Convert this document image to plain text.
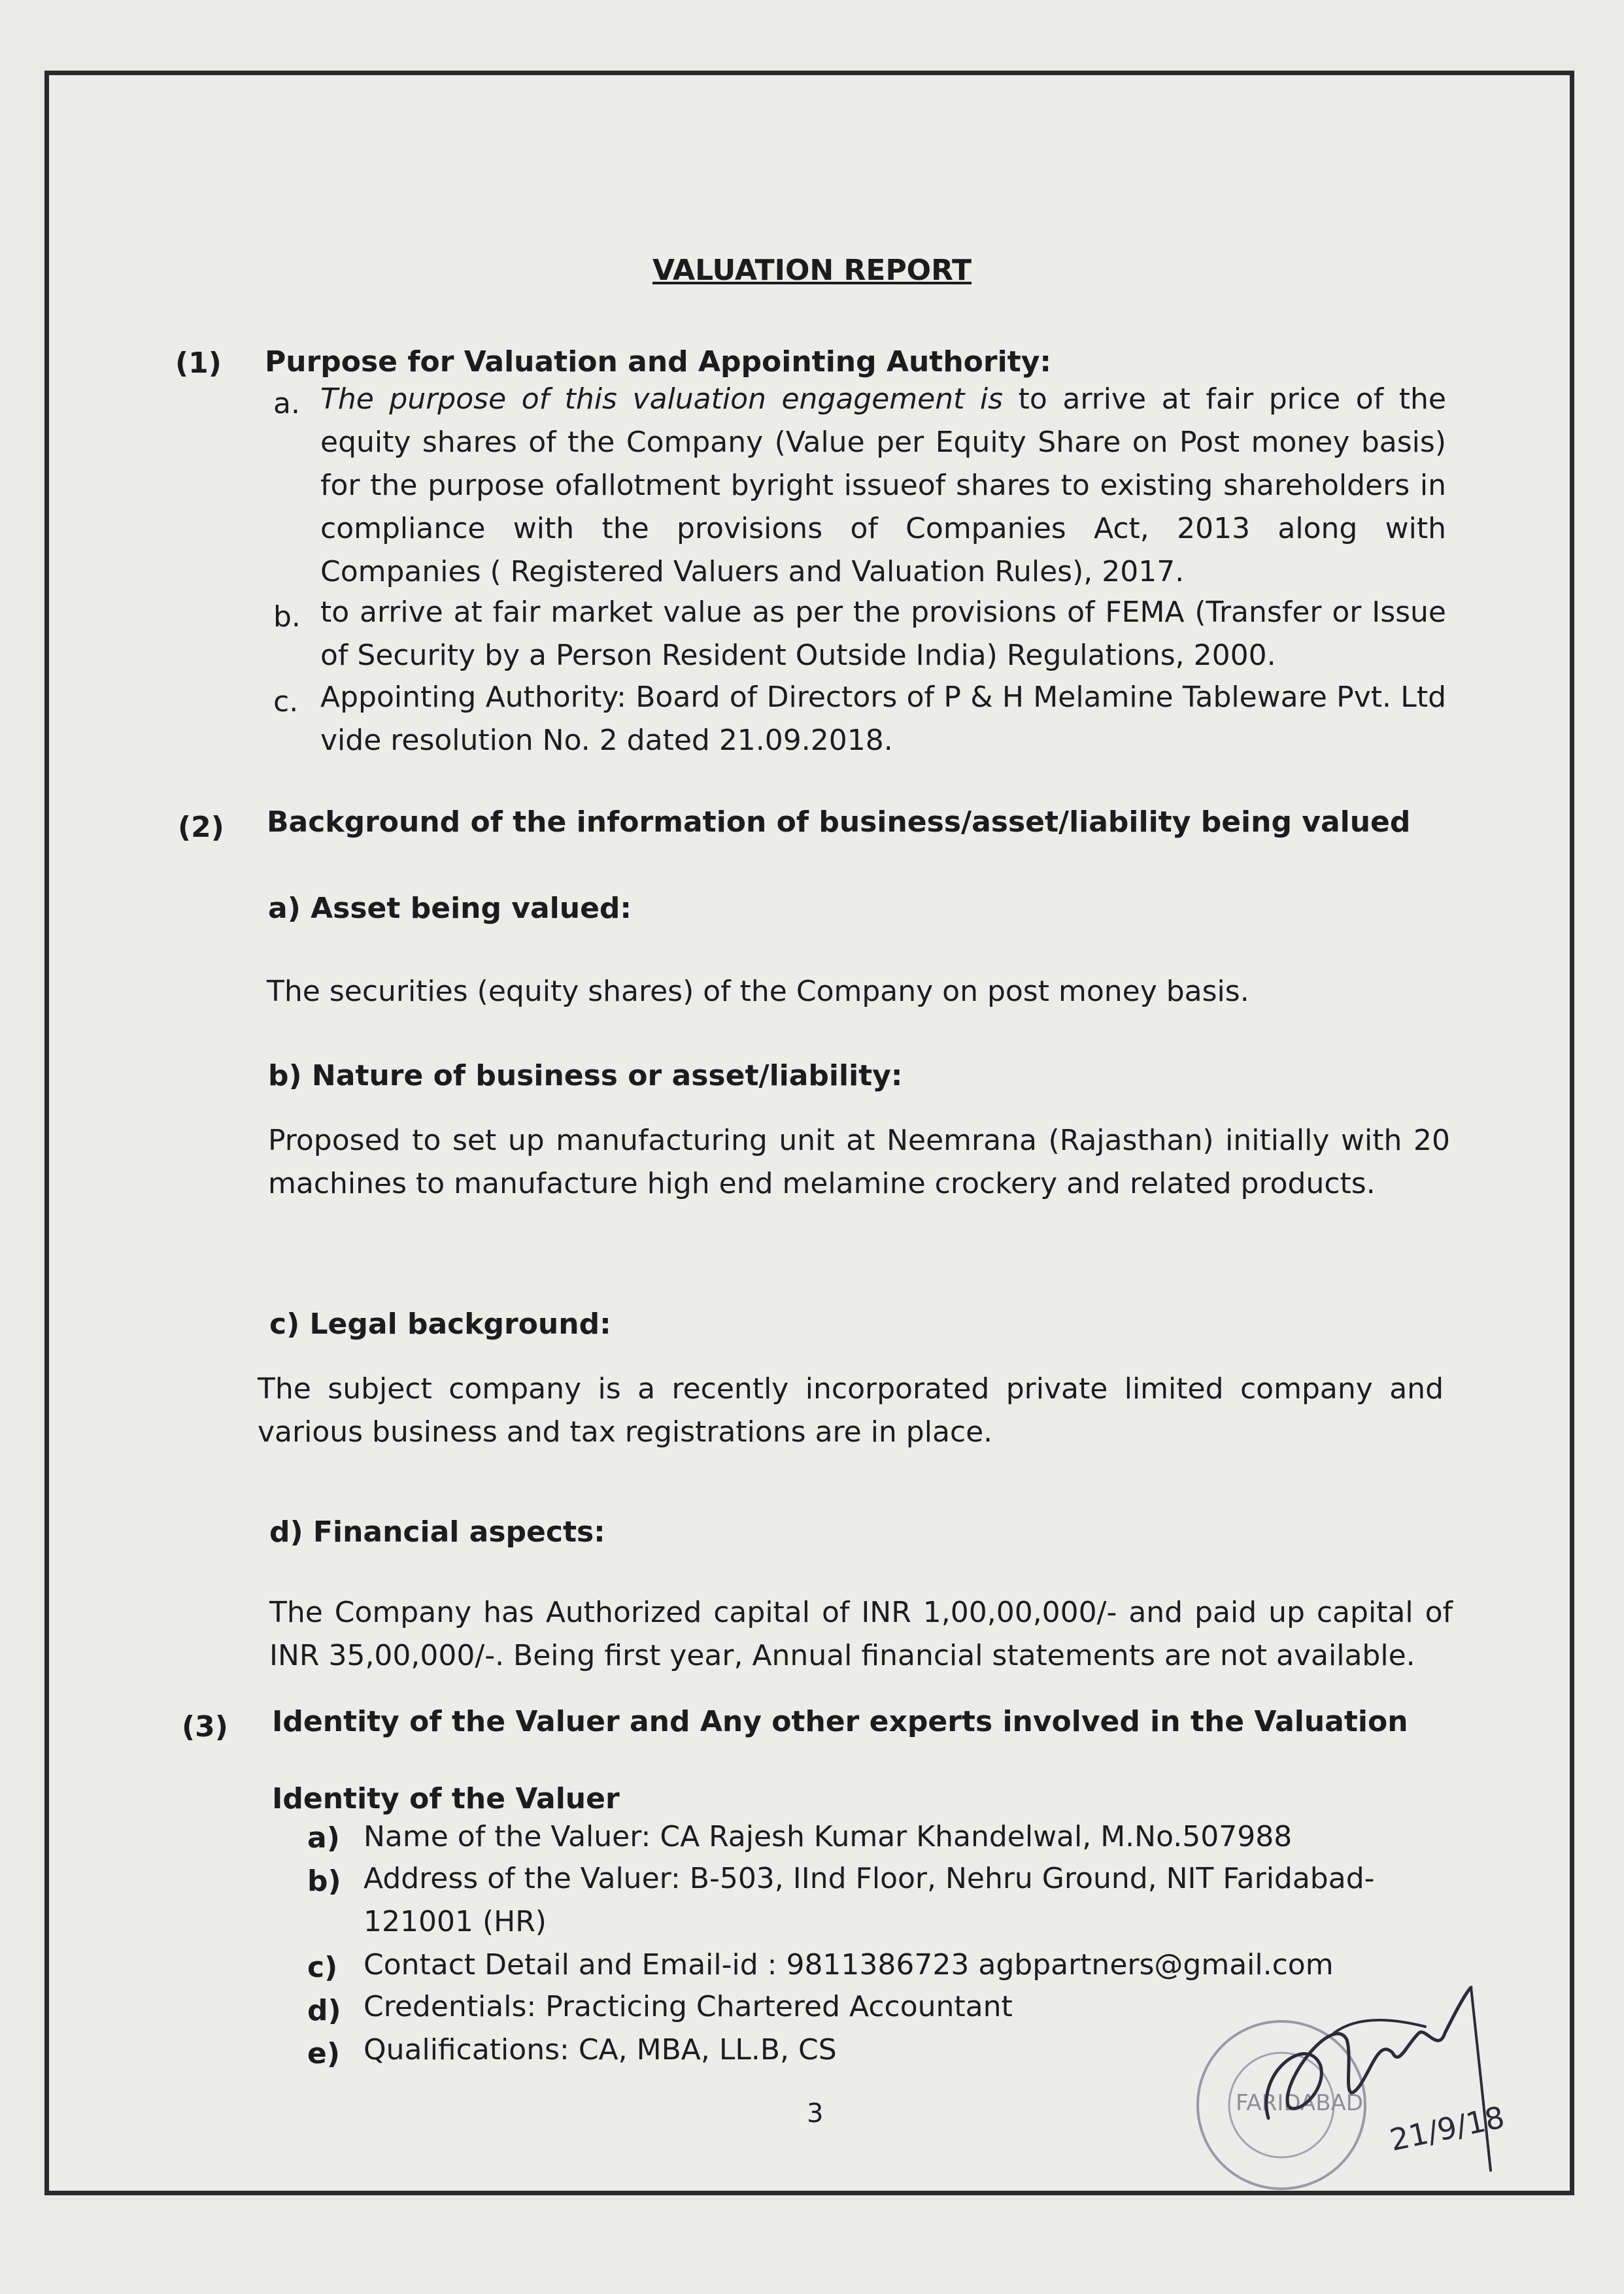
VALUATION REPORT
(1) Purpose for Valuation and Appointing Authority:
a. The purpose of this valuation engagement is to arrive at fair price of the equity shares of the Company (Value per Equity Share on Post money basis) for the purpose ofallotment byright issueof shares to existing shareholders in compliance with the provisions of Companies Act, 2013 along with Companies ( Registered Valuers and Valuation Rules), 2017.
b. to arrive at fair market value as per the provisions of FEMA (Transfer or Issue of Security by a Person Resident Outside India) Regulations, 2000.
c. Appointing Authority: Board of Directors of P & H Melamine Tableware Pvt. Ltd vide resolution No. 2 dated 21.09.2018.
(2) Background of the information of business/asset/liability being valued
a) Asset being valued:
The securities (equity shares) of the Company on post money basis.
b) Nature of business or asset/liability:
Proposed to set up manufacturing unit at Neemrana (Rajasthan) initially with 20 machines to manufacture high end melamine crockery and related products.
c) Legal background:
The subject company is a recently incorporated private limited company and various business and tax registrations are in place.
d) Financial aspects:
The Company has Authorized capital of INR 1,00,00,000/- and paid up capital of INR 35,00,000/-. Being first year, Annual financial statements are not available.
(3) Identity of the Valuer and Any other experts involved in the Valuation
Identity of the Valuer
a) Name of the Valuer: CA Rajesh Kumar Khandelwal, M.No.507988
b) Address of the Valuer: B-503, IInd Floor, Nehru Ground, NIT Faridabad-
121001 (HR)
c) Contact Detail and Email-id : 9811386723 agbpartners@gmail.com
d) Credentials: Practicing Chartered Accountant
e) Qualifications: CA, MBA, LL.B, CS
3	FARIDABAD 21/9/18
